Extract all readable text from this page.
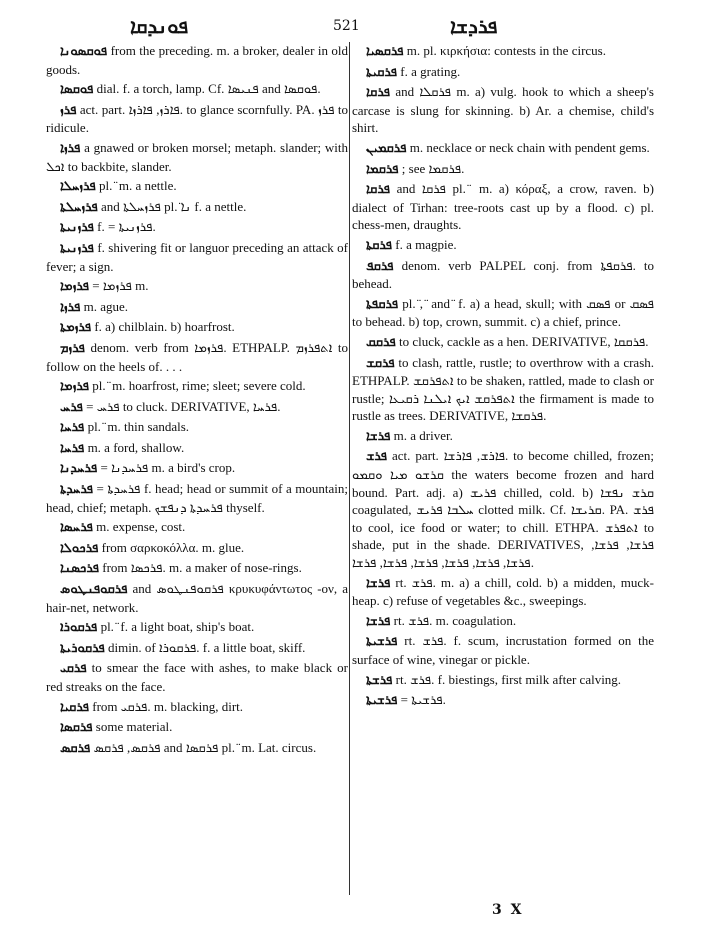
ܦܘܢܕܩܐ	521	ܦܪܕܫܐ

ܦܘܩܣܘܢܐ from the preceding. m. a broker, dealer in old goods.

ܦܘܩܣܐ dial. f. a torch, lamp. Cf. ܦܢܝܣܐ and ܦܘܩܣܐ.

ܦܪܙ act. part. ܦܐܪܙ, ܦܐܪܙܐ. to glance scornfully. PA. ܦܪܙ to ridicule.

ܦܪܙܐ a gnawed or broken morsel; metaph. slander; with ܐܟܠ to backbite, slander.

ܦܪܙܚܠܐ pl. ̈ m. a nettle.

ܦܪܙܚܠܬܐ and ܦܪܙܚܠܬܐ pl. ̈ܢܐ f. a nettle.

ܦܪܙܢܝܬܐ f. = ܦܪܙܢܝܬܐ.

ܦܪܙܢܝܬܐ f. shivering fit or languor preceding an attack of fever; a sign.

ܦܪܙܡܐ = ܦܪܙܡܐ m.

ܦܪܙܐ m. ague.

ܦܪܙܡܬܐ f. a) chilblain. b) hoarfrost.

ܦܪܙܡ denom. verb from ܦܪܙܡܐ. ETHPALP. ܐܬܦܪܙܡ to follow on the heels of. . . .

ܦܪܙܡܐ pl. ̈ m. hoarfrost, rime; sleet; severe cold.

ܦܪܚ = ܦܪܚ to cluck. DERIVATIVE, ܦܪܚܐ.

ܦܪܚܐ pl. ̈ m. thin sandals.

ܦܪܚܐ m. a ford, shallow.

ܦܪܚܕܢܐ = ܦܪܚܕܢܐ m. a bird's crop.

ܦܪܚܕܬܐ = ܦܪܚܕܬܐ f. head; head or summit of a mountain; head, chief; metaph. ܦܪܚܕܬܐ ܕܢܦܫܟ thyself.

ܦܪܚܣܐ m. expense, cost.

ܦܪܟܘܠܐ from σαρκοκόλλα. m. glue.

ܦܪܟܣܢܐ from ܦܪܟܣܐ. m. a maker of nose-rings.

ܦܪܩܘܦܢܛܘܣ and ܦܪܩܘܦܢܛܘܣ κρυκυφάντωτος -ον, a hair-net, network.

ܦܪܩܘܪܐ pl. ̈ f. a light boat, ship's boat.

ܦܪܩܘܪܝܬܐ dimin. of ܦܪܩܘܪܐ. f. a little boat, skiff.

ܦܪܩܝ to smear the face with ashes, to make black or red streaks on the face.

ܦܪܩܝܐ from ܦܪܩܝ. m. blacking, dirt.

ܦܪܩܣܐ some material.

ܦܪܩܣ ܦܪܩܣ, ܦܪܩܣ and ܦܪܩܣܐ pl. ̈ m. Lat. circus.

ܦܪܩܣܝܐ m. pl. κιρκήσια: contests in the circus.

ܦܪܩܝܬܐ f. a grating.

ܦܪܩܐ and ܦܪܩܠܐ m. a) vulg. hook to which a sheep's carcase is slung for skinning. b) Ar. a chemise, child's shirt.

ܦܪܩܡܝܢ m. necklace or neck chain with pendent gems.

ܦܪܩܡܐ ; see ܦܪܩܡܐ.

ܦܪܩܐ and ܦܪܩܐ pl. ̈ m. a) κόραξ, a crow, raven. b) dialect of Tirhan: tree-roots cast up by a flood. c) pl. chess-men, draughts.

ܦܪܩܬܐ f. a magpie.

ܦܪܩܦ denom. verb PALPEL conj. from ܦܪܩܦܬܐ. to behead.

ܦܪܩܦܬܐ pl. ̈, ̈ and ̈ f. a) a head, skull; with ܦܣܩ or ܦܣܩ to behead. b) top, crown, summit. c) a chief, prince.

ܦܪܩܩ to cluck, cackle as a hen. DERIVATIVE, ܦܪܩܩܐ.

ܦܪܩܫ to clash, rattle, rustle; to overthrow with a crash. ETHPALP. ܐܬܦܪܩܫ to be shaken, rattled, made to clash or rustle; ܐܬܦܪܩܫ ܐܝܟ ܐܝܠܢܐ ܪܩܝܥܐ the firmament is made to rustle as trees. DERIVATIVE, ܦܪܩܫܐ.

ܦܪܫܐ m. a driver.

ܦܪܫ act. part. ܦܐܪܫ, ܦܐܪܫܐ. to become chilled, frozen; ܩܪܫܘ ܡܝܐ ܘܩܡܘ the waters become frozen and hard bound. Part. adj. a) ܦܪܝܫ chilled, cold. b) ܩܪܫ ܢܦܫܐ coagulated, ܚܠܒܐ ܦܪܝܫ clotted milk. Cf. ܩܪܝܫܐ. PA. ܦܪܫ to cool, ice food or water; to chill. ETHPA. ܐܬܦܪܫ to shade, put in the shade. DERIVATIVES, ܦܪܫܐ, ܦܪܫܐ, ܦܪܫܐ, ܦܪܫܐ, ܦܪܫܐ, ܦܪܫܐ, ܦܪܫܐ, ܦܪܫܐ.

ܦܪܫܐ rt. ܦܪܫ. m. a) a chill, cold. b) a midden, muck-heap. c) refuse of vegetables &c., sweepings.

ܦܪܫܐ rt. ܦܪܫ. m. coagulation.

ܦܪܫܝܬܐ rt. ܦܪܫ. f. scum, incrustation formed on the surface of wine, vinegar or pickle.

ܦܪܫܬܐ rt. ܦܪܫ. f. biestings, first milk after calving.

ܦܪܫܝܬܐ = ܦܪܫܝܬܐ.

3 X
